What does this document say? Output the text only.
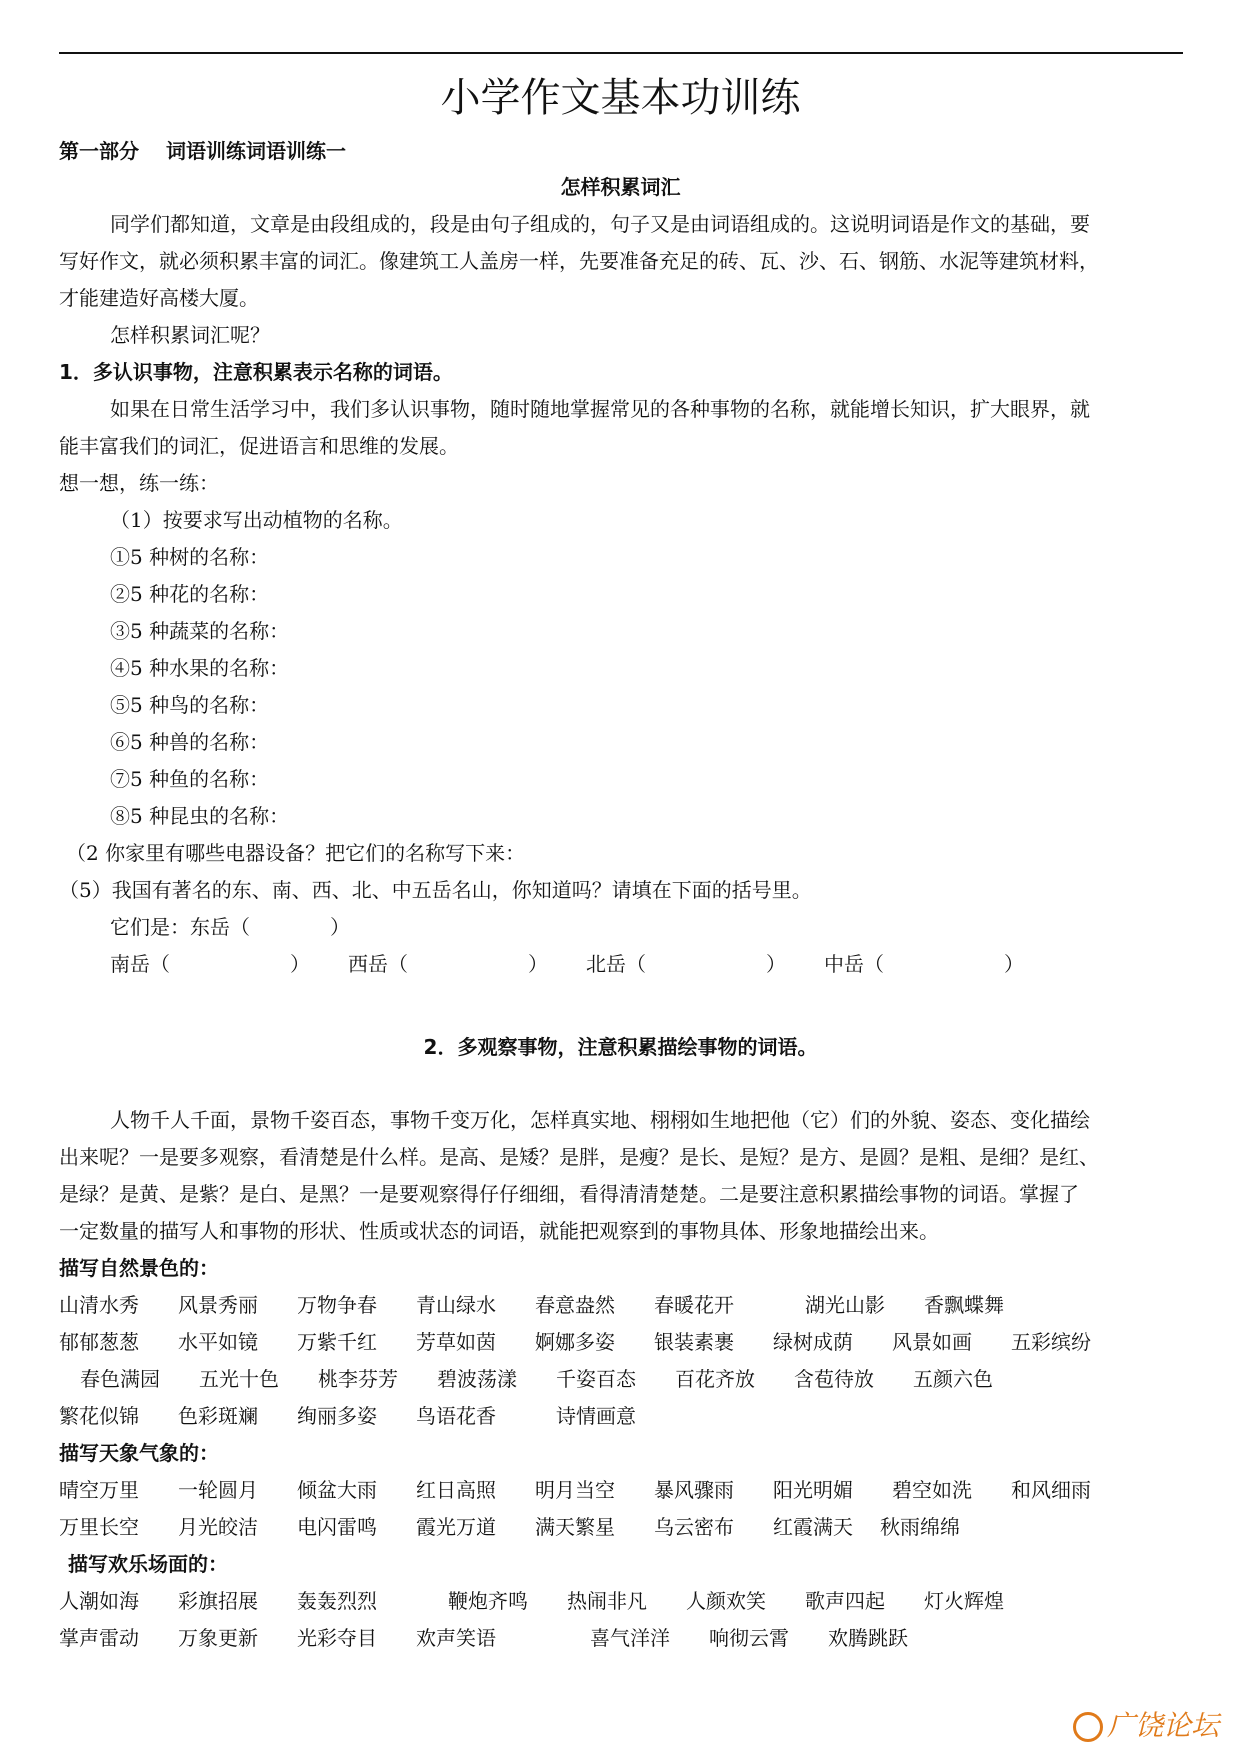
小学作文基本功训练
第一部分　 词语训练词语训练一
怎样积累词汇
同学们都知道，文章是由段组成的，段是由句子组成的，句子又是由词语组成的。这说明词语是作文的基础，要
写好作文，就必须积累丰富的词汇。像建筑工人盖房一样，先要准备充足的砖、瓦、沙、石、钢筋、水泥等建筑材料，
才能建造好高楼大厦。
怎样积累词汇呢？
1．多认识事物，注意积累表示名称的词语。
如果在日常生活学习中，我们多认识事物，随时随地掌握常见的各种事物的名称，就能增长知识，扩大眼界，就
能丰富我们的词汇，促进语言和思维的发展。
想一想，练一练：
（1）按要求写出动植物的名称。
①5 种树的名称：
②5 种花的名称：
③5 种蔬菜的名称：
④5 种水果的名称：
⑤5 种鸟的名称：
⑥5 种兽的名称：
⑦5 种鱼的名称：
⑧5 种昆虫的名称：
（2 你家里有哪些电器设备？把它们的名称写下来：
（5）我国有著名的东、南、西、北、中五岳名山，你知道吗？请填在下面的括号里。
它们是：东岳（　　　　）
南岳（　　　　　　） 西岳（　　　　　　） 北岳（　　　　　　） 中岳（　　　　　　）
2．多观察事物，注意积累描绘事物的词语。
人物千人千面，景物千姿百态，事物千变万化，怎样真实地、栩栩如生地把他（它）们的外貌、姿态、变化描绘
出来呢？一是要多观察，看清楚是什么样。是高、是矮？是胖，是瘦？是长、是短？是方、是圆？是粗、是细？是红、
是绿？是黄、是紫？是白、是黑？一是要观察得仔仔细细，看得清清楚楚。二是要注意积累描绘事物的词语。掌握了
一定数量的描写人和事物的形状、性质或状态的词语，就能把观察到的事物具体、形象地描绘出来。
描写自然景色的：
山清水秀 风景秀丽 万物争春 青山绿水 春意盎然 春暖花开	湖光山影 香飘蝶舞
郁郁葱葱 水平如镜 万紫千红 芳草如茵 婀娜多姿 银装素裹 绿树成荫 风景如画 五彩缤纷
春色满园 五光十色 桃李芬芳 碧波荡漾 千姿百态 百花齐放 含苞待放 五颜六色
繁花似锦 色彩斑斓 绚丽多姿 鸟语花香	诗情画意
描写天象气象的：
晴空万里 一轮圆月 倾盆大雨 红日高照 明月当空 暴风骤雨 阳光明媚 碧空如洗 和风细雨
万里长空 月光皎洁 电闪雷鸣 霞光万道 满天繁星 乌云密布 红霞满天 秋雨绵绵
描写欢乐场面的：
人潮如海 彩旗招展 轰轰烈烈	鞭炮齐鸣 热闹非凡 人颜欢笑 歌声四起 灯火辉煌
掌声雷动 万象更新 光彩夺目 欢声笑语	喜气洋洋 响彻云霄 欢腾跳跃
广饶论坛
